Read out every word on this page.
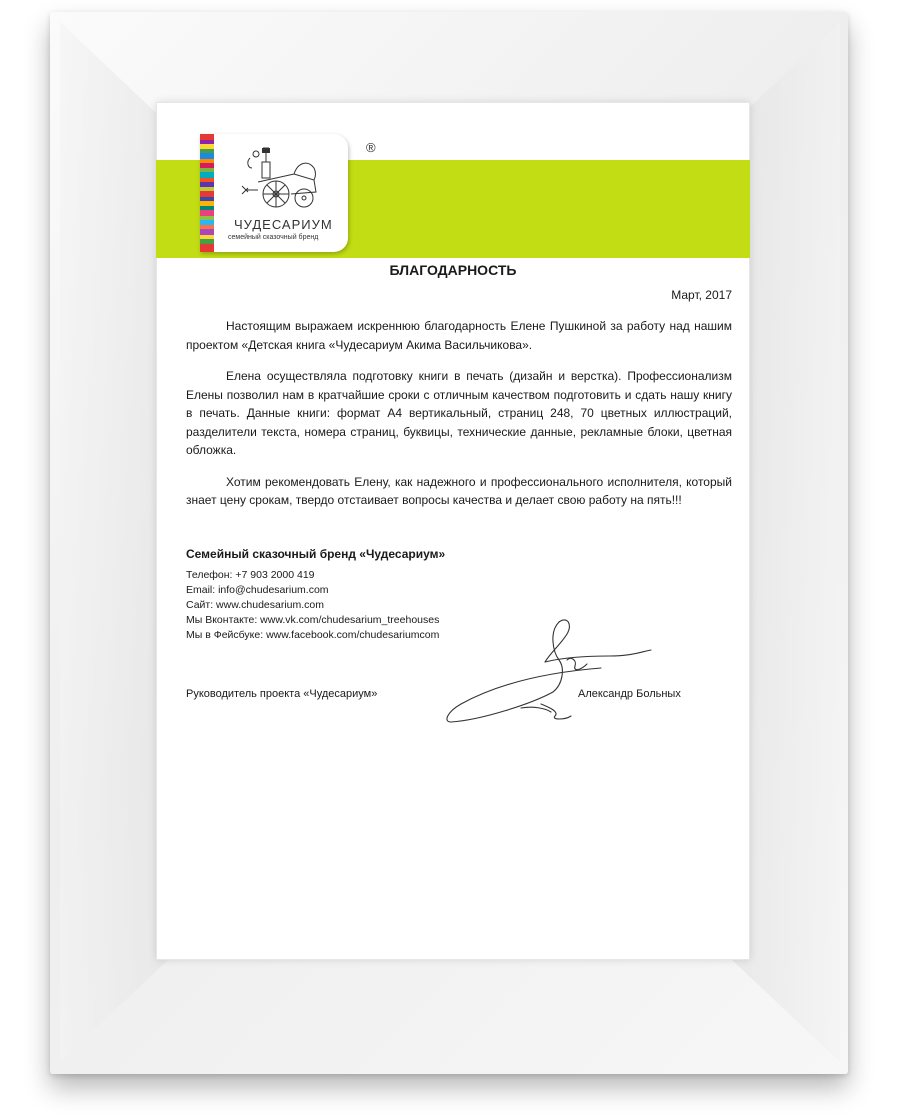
®
ЧУДЕСАРИУМ
семейный сказочный бренд
БЛАГОДАРНОСТЬ
Март, 2017

Настоящим выражаем искреннюю благодарность Елене Пушкиной за работу над нашим проектом «Детская книга «Чудесариум Акима Васильчикова».

Елена осуществляла подготовку книги в печать (дизайн и верстка). Профессионализм Елены позволил нам в кратчайшие сроки с отличным качеством подготовить и сдать нашу книгу в печать. Данные книги: формат А4 вертикальный, страниц 248, 70 цветных иллюстраций, разделители текста, номера страниц, буквицы, технические данные, рекламные блоки, цветная обложка.

Хотим рекомендовать Елену, как надежного и профессионального исполнителя, который знает цену срокам, твердо отстаивает вопросы качества и делает свою работу на пять!!!

Семейный сказочный бренд «Чудесариум»
Телефон: +7 903 2000 419
Email: info@chudesarium.com
Сайт: www.chudesarium.com
Мы Вконтакте: www.vk.com/chudesarium_treehouses
Мы в Фейсбуке: www.facebook.com/chudesariumcom
Руководитель проекта «Чудесариум»	Александр Больных
